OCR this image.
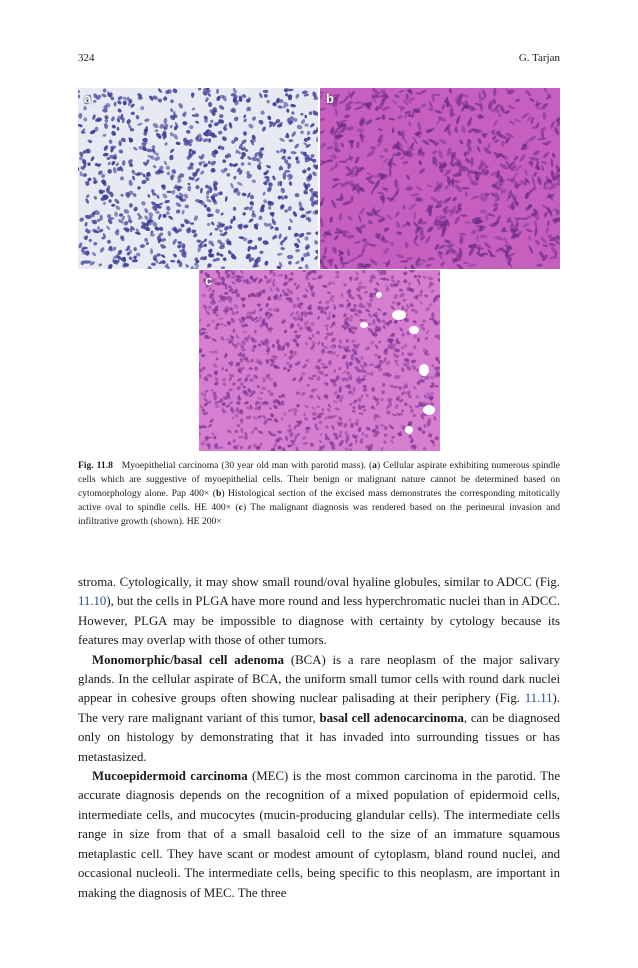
324	G. Tarjan
a	b
c
Fig. 11.8 Myoepithelial carcinoma (30 year old man with parotid mass). (a) Cellular aspirate exhibiting numerous spindle cells which are suggestive of myoepithelial cells. Their benign or malignant nature cannot be determined based on cytomorphology alone. Pap 400× (b) Histological section of the excised mass demonstrates the corresponding mitotically active oval to spindle cells. HE 400× (c) The malignant diagnosis was rendered based on the perineural invasion and infiltrative growth (shown). HE 200×

stroma. Cytologically, it may show small round/oval hyaline globules, similar to ADCC (Fig. 11.10), but the cells in PLGA have more round and less hyperchromatic nuclei than in ADCC. However, PLGA may be impossible to diagnose with certainty by cytology because its features may overlap with those of other tumors.

Monomorphic/basal cell adenoma (BCA) is a rare neoplasm of the major salivary glands. In the cellular aspirate of BCA, the uniform small tumor cells with round dark nuclei appear in cohesive groups often showing nuclear palisading at their periphery (Fig. 11.11). The very rare malignant variant of this tumor, basal cell adenocarcinoma, can be diagnosed only on histology by demonstrating that it has invaded into surrounding tissues or has metastasized.

Mucoepidermoid carcinoma (MEC) is the most common carcinoma in the parotid. The accurate diagnosis depends on the recognition of a mixed population of epidermoid cells, intermediate cells, and mucocytes (mucin-producing glandular cells). The intermediate cells range in size from that of a small basaloid cell to the size of an immature squamous metaplastic cell. They have scant or modest amount of cytoplasm, bland round nuclei, and occasional nucleoli. The intermediate cells, being specific to this neoplasm, are important in making the diagnosis of MEC. The three
